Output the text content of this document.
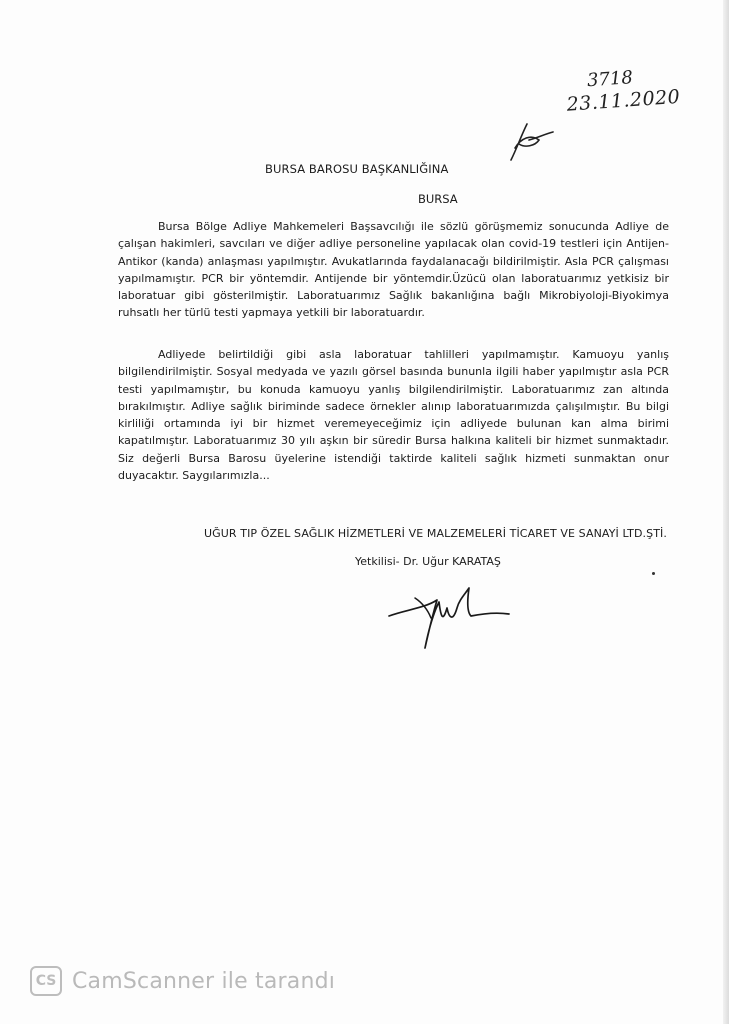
3718
23.11.2020
BURSA BAROSU BAŞKANLIĞINA
BURSA

Bursa Bölge Adliye Mahkemeleri Başsavcılığı ile sözlü görüşmemiz sonucunda Adliye de çalışan hakimleri, savcıları ve diğer adliye personeline yapılacak olan covid-19 testleri için Antijen-Antikor (kanda) anlaşması yapılmıştır. Avukatlarında faydalanacağı bildirilmiştir. Asla PCR çalışması yapılmamıştır. PCR bir yöntemdir. Antijende bir yöntemdir.Üzücü olan laboratuarımız yetkisiz bir laboratuar gibi gösterilmiştir. Laboratuarımız Sağlık bakanlığına bağlı Mikrobiyoloji-Biyokimya ruhsatlı her türlü testi yapmaya yetkili bir laboratuardır.

Adliyede belirtildiği gibi asla laboratuar tahlilleri yapılmamıştır. Kamuoyu yanlış bilgilendirilmiştir. Sosyal medyada ve yazılı görsel basında bununla ilgili haber yapılmıştır asla PCR testi yapılmamıştır, bu konuda kamuoyu yanlış bilgilendirilmiştir. Laboratuarımız zan altında bırakılmıştır. Adliye sağlık biriminde sadece örnekler alınıp laboratuarımızda çalışılmıştır. Bu bilgi kirliliği ortamında iyi bir hizmet veremeyeceğimiz için adliyede bulunan kan alma birimi kapatılmıştır. Laboratuarımız 30 yılı aşkın bir süredir Bursa halkına kaliteli bir hizmet sunmaktadır. Siz değerli Bursa Barosu üyelerine istendiği taktirde kaliteli sağlık hizmeti sunmaktan onur duyacaktır. Saygılarımızla...

UĞUR TIP ÖZEL SAĞLIK HİZMETLERİ VE MALZEMELERİ TİCARET VE SANAYİ LTD.ŞTİ.
Yetkilisi- Dr. Uğur KARATAŞ
CS CamScanner ile tarandı
